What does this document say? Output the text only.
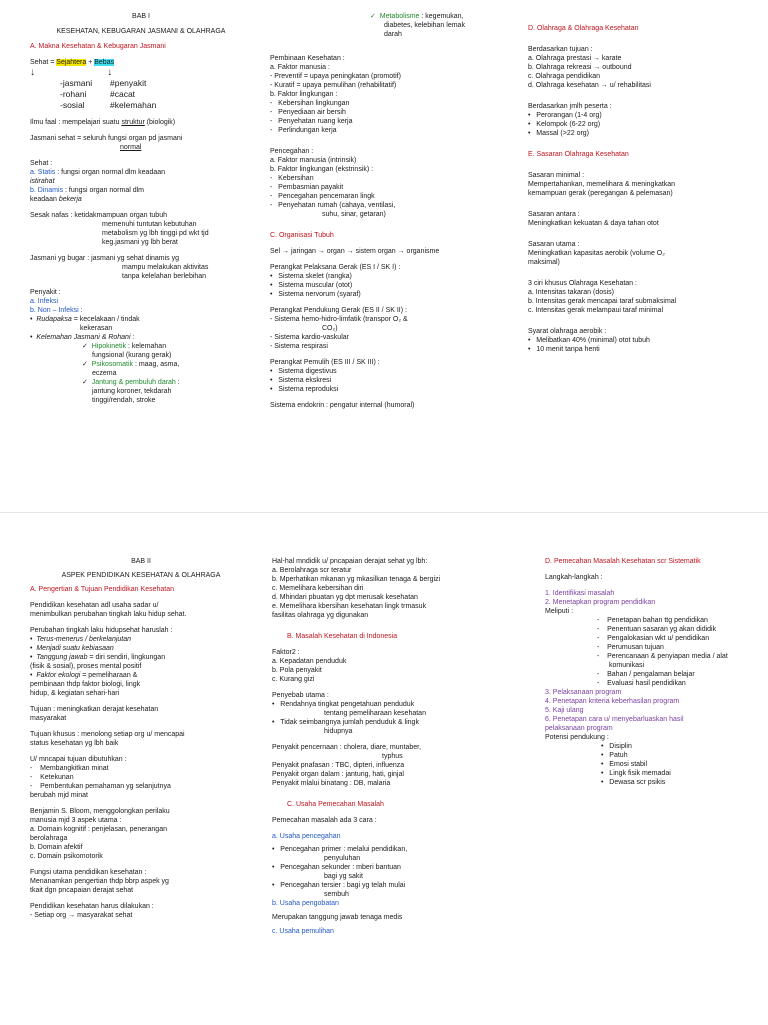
BAB I

KESEHATAN, KEBUGARAN JASMANI & OLAHRAGA

A. Makna Kesehatan & Kebugaran Jasmani

Sehat = Sejahtera + Bebas

↓                          ↓

-jasmani	#penyakit
-rohani	#cacat
-sosial	#kelemahan

Ilmu faal : mempelajari suatu struktur (biologik)

Jasmani sehat = seluruh fungsi organ pd jasmani

normal

Sehat :

a. Statis : fungsi organ normal dlm keadaan

istirahat

b. Dinamis : fungsi organ normal dlm

keadaan bekerja

Sesak nafas : ketidakmampuan organ tubuh

memenuhi tuntutan kebutuhan

metabolism yg lbh tinggi pd wkt tjd

keg.jasmani yg lbh berat

Jasmani yg bugar : jasmani yg sehat dinamis yg

mampu melakukan aktivitas

tanpa kelelahan berlebihan

Penyakit :

a. Infeksi

b. Non – Infeksi :

•  Rudapaksa = kecelakaan / tindak

kekerasan

•  Kelemahan Jasmani & Rohani :

✓ Hipokinetik : kelemahan

fungsional (kurang gerak)

✓ Psikosomatik : maag, asma,

eczema

✓ Jantung & pembuluh darah :

jantung koroner, tekdarah

tinggi/rendah, stroke

✓ Metabolisme : kegemukan,

diabetes, kelebihan lemak

darah

Pembinaan Kesehatan :

a. Faktor manusia :

- Preventif = upaya peningkatan (promotif)

- Kuratif = upaya pemulihan (rehabilitatif)

b. Faktor lingkungan :

-   Kebersihan lingkungan

-   Penyediaan air bersih

-   Penyehatan ruang kerja

-   Perlindungan kerja

Pencegahan :

a. Faktor manusia (intrinsik)

b. Faktor lingkungan (ekstrinsik) :

-   Kebersihan

-   Pembasmian payakit

-   Pencegahan pencemaran lingk

-   Penyehatan rumah (cahaya, ventilasi,

suhu, sinar, getaran)

C. Organisasi Tubuh

Sel → jaringan → organ → sistem organ → organisme

Perangkat Pelaksana Gerak (ES I / SK I) :

•   Sistema skelet (rangka)

•   Sistema muscular (otot)

•   Sistema nervorum (syaraf)

Perangkat Pendukung Gerak (ES II / SK II) :

- Sistema hemo-hidro-limfatik (transpor O₂ &

CO₂)

- Sistema kardio-vaskular

- Sistema respirasi

Perangkat Pemulih (ES III / SK III) :

•   Sistema digestivus

•   Sistema ekskresi

•   Sistema reproduksi

Sistema endokrin : pengatur internal (humoral)

D. Olahraga & Olahraga Kesehatan

Berdasarkan tujuan :

a. Olahraga prestasi → karate

b. Olahraga rekreasi → outbound

c. Olahraga pendidikan

d. Olahraga kesehatan → u/ rehabilitasi

Berdasarkan jmlh peserta :

•   Perorangan (1-4 org)

•   Kelompok (6-22 org)

•   Massal (>22 org)

E. Sasaran Olahraga Kesehatan

Sasaran minimal :

Mempertahankan, memelihara & meningkatkan

kemampuan gerak (peregangan & pelemasan)

Sasaran antara :

Meningkatkan kekuatan & daya tahan otot

Sasaran utama :

Meningkatkan kapasitas aerobik (volume O₂

maksimal)

3 ciri khusus Olahraga Kesehatan :

a. Intensitas takaran (dosis)

b. Intensitas gerak mencapai taraf submaksimal

c. Intensitas gerak melampaui taraf minimal

Syarat olahraga aerobik :

•   Melibatkan 40% (minimal) otot tubuh

•   10 menit tanpa henti

BAB II

ASPEK PENDIDIKAN KESEHATAN & OLAHRAGA

A. Pengertian & Tujuan Pendidikan Kesehatan

Pendidikan kesehatan adl usaha sadar u/

menimbulkan perubahan tingkah laku hidup sehat.

Perubahan tingkah laku hidupsehat haruslah :

•  Terus-menerus / berkelanjutan

•  Menjadi suatu kebiasaan

•  Tanggung jawab = diri sendiri, lingkungan

(fisik & sosial), proses mental positif

•  Faktor ekologi = pemeliharaan &

pembinaan thdp faktor biologi, lingk

hidup, & kegiatan sehari-hari

Tujuan : meningkatkan derajat kesehatan

masyarakat

Tujuan khusus : menolong setiap org u/ mencapai

status kesehatan yg lbh baik

U/ mncapai tujuan dibutuhkan :

-    Membangkitkan minat

-    Ketekunan

-    Pembentukan pemahaman yg selanjutnya

berubah mjd minat

Benjamin S. Bloom, menggolongkan perilaku

manusia mjd 3 aspek utama :

a. Domain kognitif : penjelasan, penerangan

berolahraga

b. Domain afektif

c. Domain psikomotorik

Fungsi utama pendidikan kesehatan :

Menanamkan pengertian thdp bbrp aspek yg

tkait dgn pncapaian derajat sehat

Pendidikan kesehatan harus dilakukan :

- Setiap org → masyarakat sehat

Hal-hal mndidik u/ pncapaian derajat sehat yg lbh:

a. Berolahraga scr teratur

b. Mperhatikan mkanan yg mkasilkan tenaga & bergizi

c. Memelihara kebersihan diri

d. Mhindari pbuatan yg dpt merusak kesehatan

e. Memelihara kbersihan kesehatan lingk trmasuk

fasilitas olahraga yg digunakan

B. Masalah Kesehatan di Indonesia

Faktor2 :

a. Kepadatan penduduk

b. Pola penyakit

c. Kurang gizi

Penyebab utama :

•   Rendahnya tingkat pengetahuan penduduk

tentang pemeliharaan kesehatan

•   Tidak seimbangnya jumlah penduduk & lingk

hidupnya

Penyakit pencernaan : cholera, diare, muntaber,

typhus

Penyakit pnafasan : TBC, dipteri, influenza

Penyakit organ dalam : jantung, hati, ginjal

Penyakit mlalui binatang : DB, malaria

C. Usaha Pemecahan Masalah

Pemecahan masalah ada 3 cara :

a. Usaha pencegahan

•   Pencegahan primer : melalui pendidikan,

penyuluhan

•   Pencegahan sekunder : mberi bantuan

bagi yg sakit

•   Pencegahan tersier : bagi yg telah mulai

sembuh

b. Usaha pengobatan

Merupakan tanggung jawab tenaga medis

c. Usaha pemulihan

D. Pemecahan Masalah Kesehatan scr Sistematik

Langkah-langkah :

1. Identifikasi masalah

2. Menetapkan program pendidikan

Meliputi :

-    Penetapan bahan ttg pendidikan

-    Penentuan sasaran yg akan dididik

-    Pengalokasian wkt u/ pendidikan

-    Perumusan tujuan

-    Perencanaan & penyiapan media / alat

komunikasi

-    Bahan / pengalaman belajar

-    Evaluasi hasil pendidikan

3. Pelaksanaan program

4. Penetapan kriteria keberhasilan program

5. Kaji ulang

6. Penetapan cara u/ menyebarluaskan hasil

pelaksanaan program

Potensi pendukung :

•   Disiplin

•   Patuh

•   Emosi stabil

•   Lingk fisik memadai

•   Dewasa scr psikis
